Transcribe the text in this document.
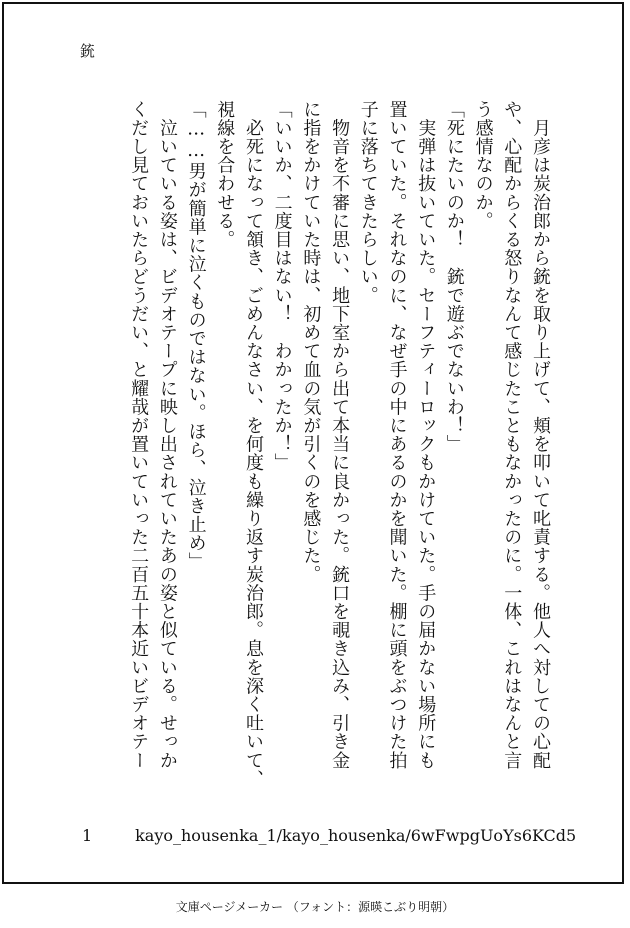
銃
　月彦は炭治郎から銃を取り上げて、頬を叩いて叱責する。他人へ対しての心配
や、心配からくる怒りなんて感じたこともなかったのに。一体、これはなんと言
う感情なのか。
「死にたいのか！　銃で遊ぶでないわ！」
　実弾は抜いていた。セーフティーロックもかけていた。手の届かない場所にも
置いていた。それなのに、なぜ手の中にあるのかを聞いた。棚に頭をぶつけた拍
子に落ちてきたらしい。
　物音を不審に思い、地下室から出て本当に良かった。銃口を覗き込み、引き金
に指をかけていた時は、初めて血の気が引くのを感じた。
「いいか、二度目はない！　わかったか！」
　必死になって頷き、ごめんなさい、を何度も繰り返す炭治郎。息を深く吐いて、
視線を合わせる。
「……男が簡単に泣くものではない。ほら、泣き止め」
　泣いている姿は、ビデオテープに映し出されていたあの姿と似ている。せっか
くだし見ておいたらどうだい、と耀哉が置いていった二百五十本近いビデオテー
1	kayo_housenka_1/kayo_housenka/6wFwpgUoYs6KCd5
文庫ページメーカー （フォント：源暎こぶり明朝）
